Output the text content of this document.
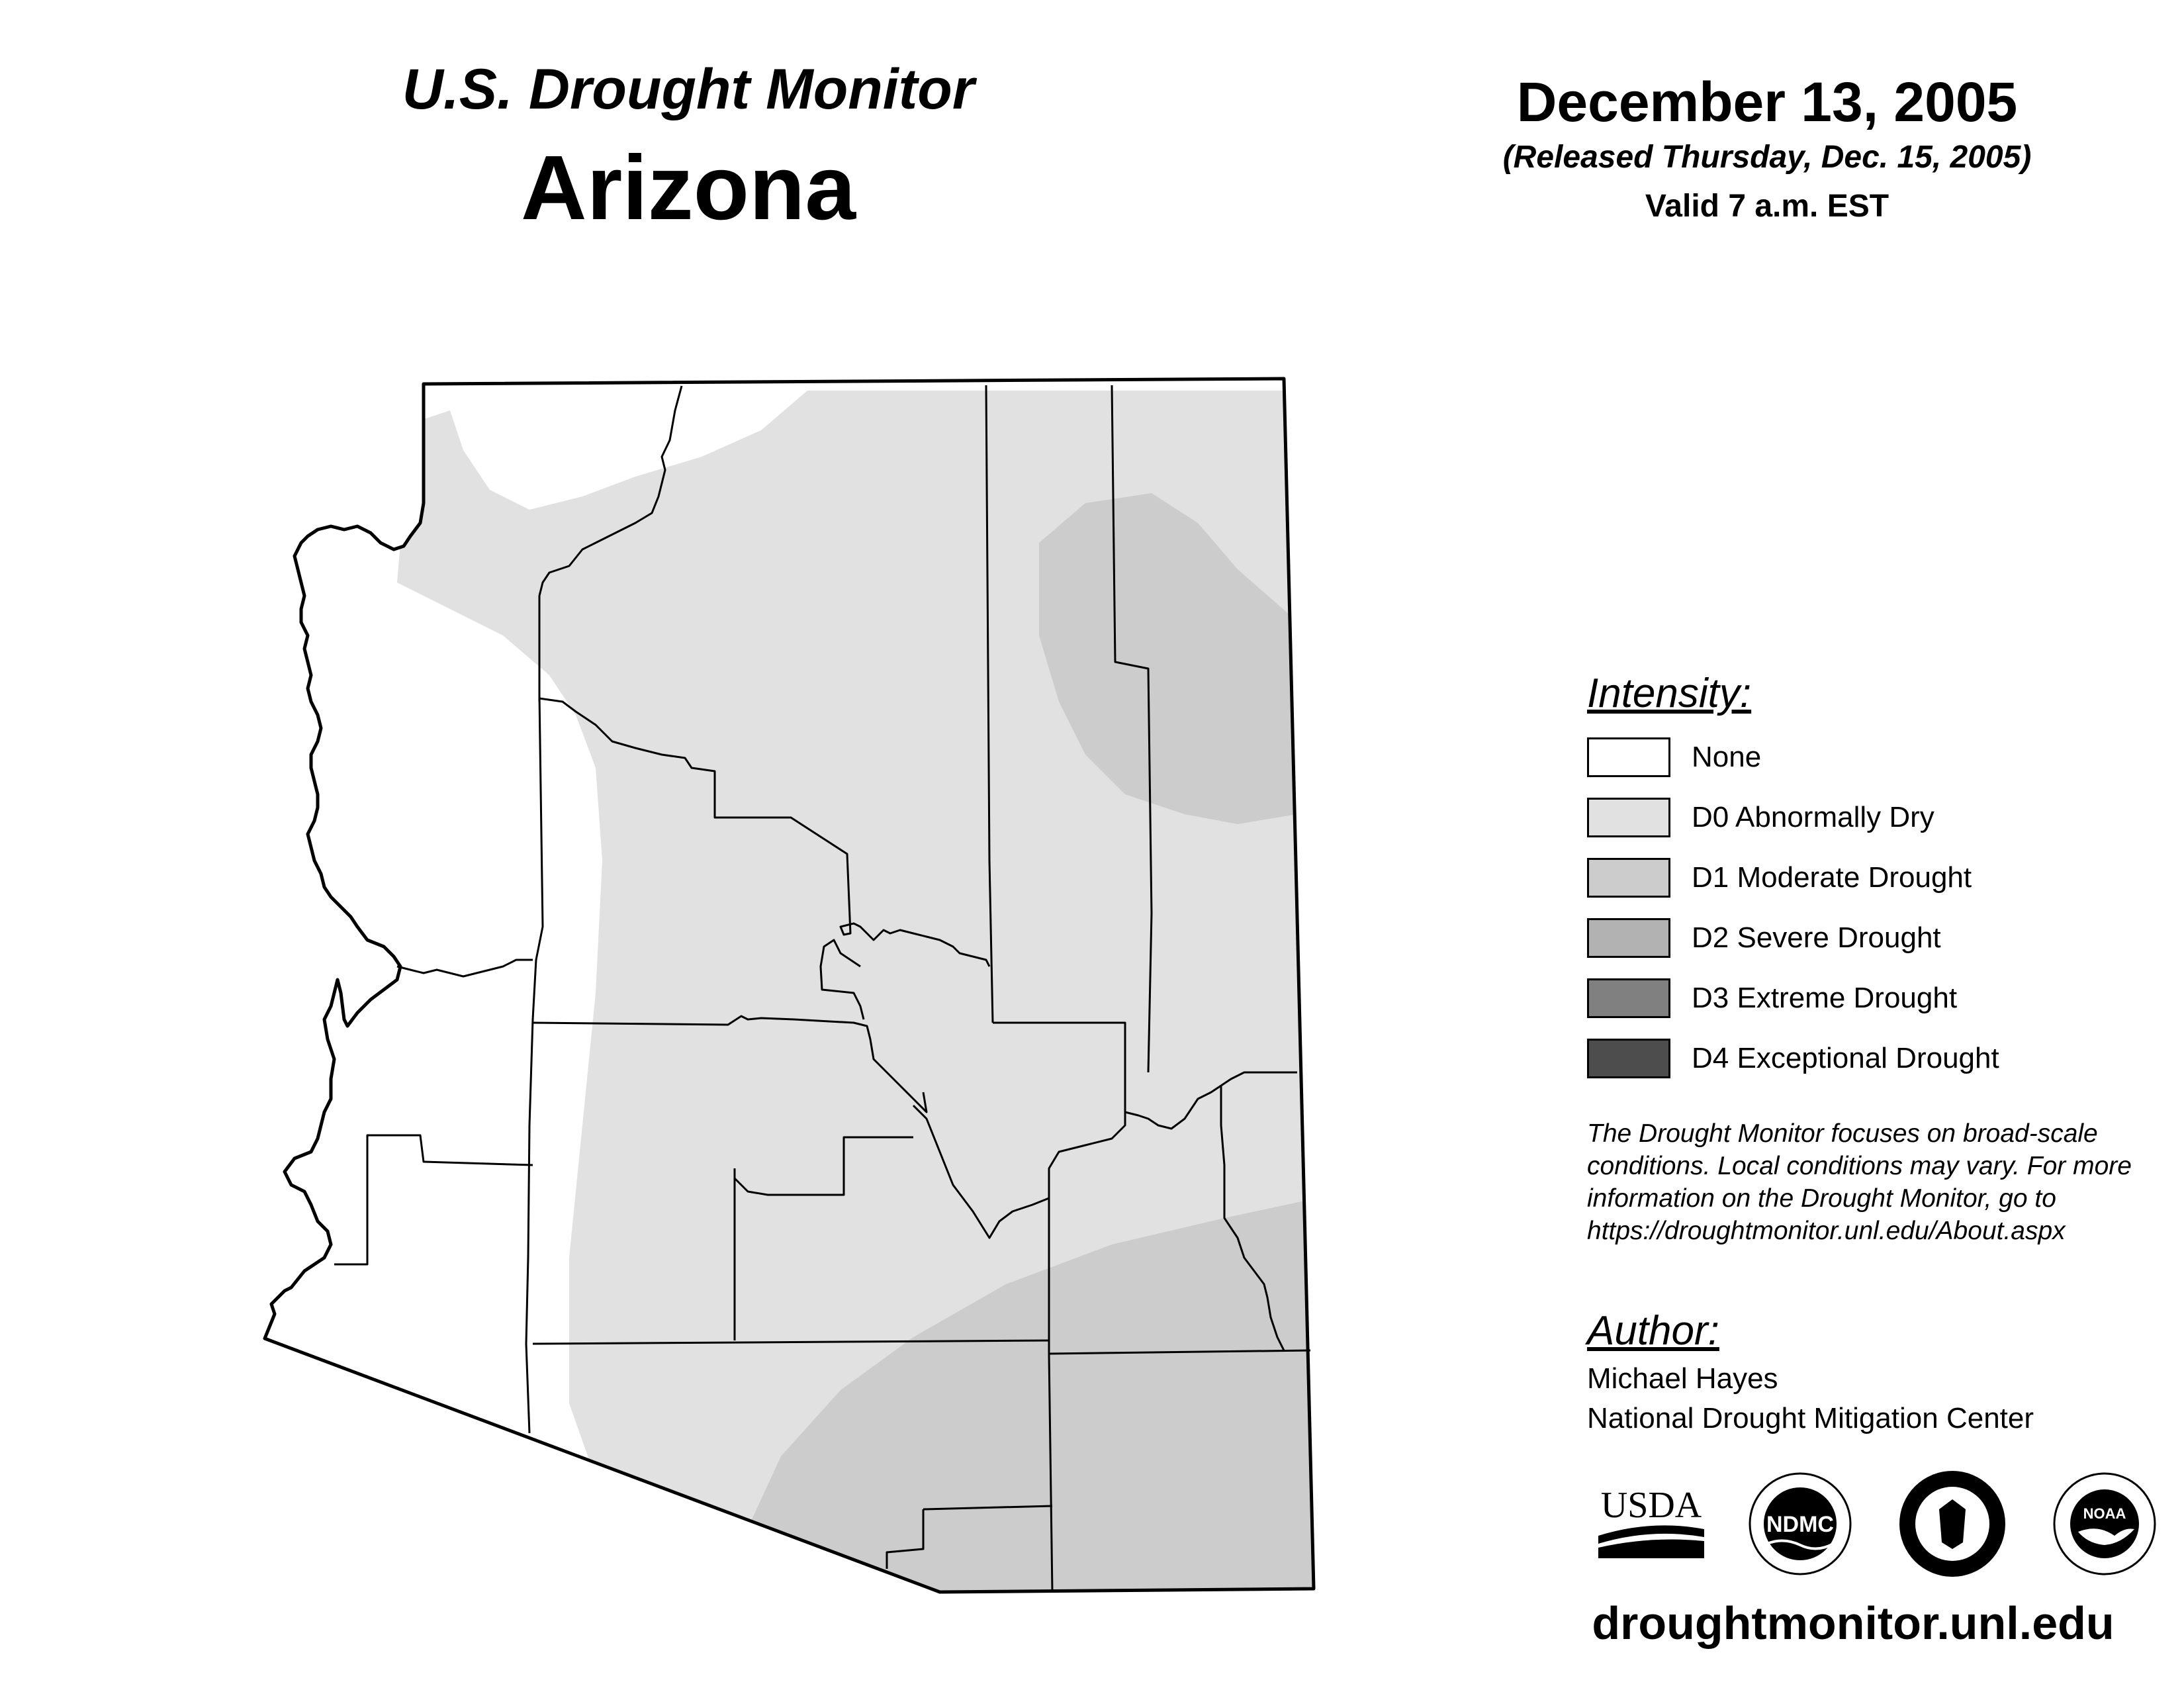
U.S. Drought Monitor
Arizona
December 13, 2005
(Released Thursday, Dec. 15, 2005)
Valid 7 a.m. EST
Intensity:
None
D0 Abnormally Dry
D1 Moderate Drought
D2 Severe Drought
D3 Extreme Drought
D4 Exceptional Drought
The Drought Monitor focuses on broad-scale
conditions. Local conditions may vary. For more
information on the Drought Monitor, go to
https://droughtmonitor.unl.edu/About.aspx
Author:
Michael Hayes
National Drought Mitigation Center
USDA	NDMC	NOAA
droughtmonitor.unl.edu
